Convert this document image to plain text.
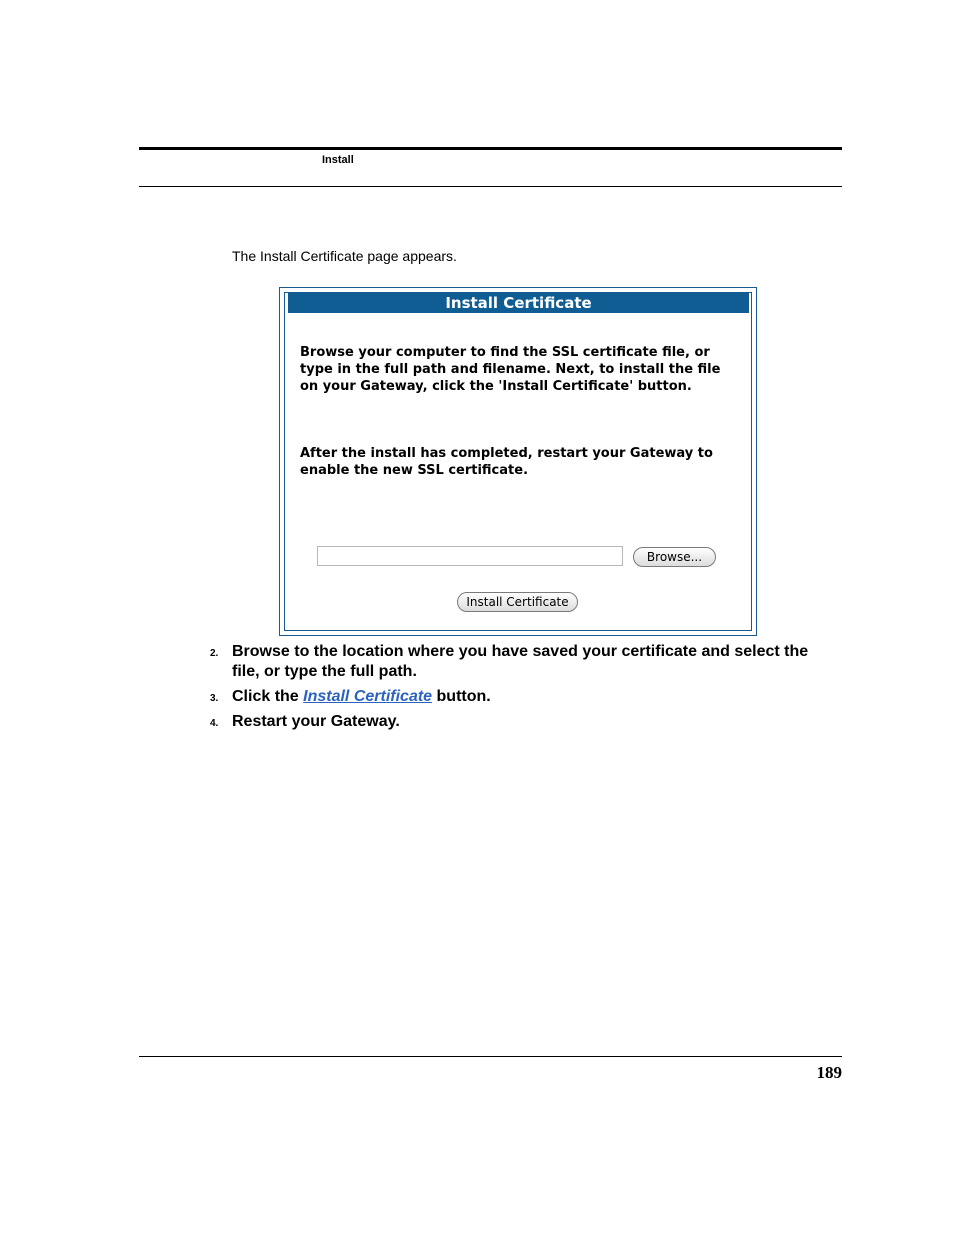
Install
The Install Certificate page appears.
Install Certificate
Browse your computer to find the SSL certificate file, or type in the full path and filename. Next, to install the file on your Gateway, click the 'Install Certificate' button.
After the install has completed, restart your Gateway to enable the new SSL certificate.
Browse...
Install Certificate
2. Browse to the location where you have saved your certificate and select the file, or type the full path.
3. Click the Install Certificate button.
4. Restart your Gateway.
189
